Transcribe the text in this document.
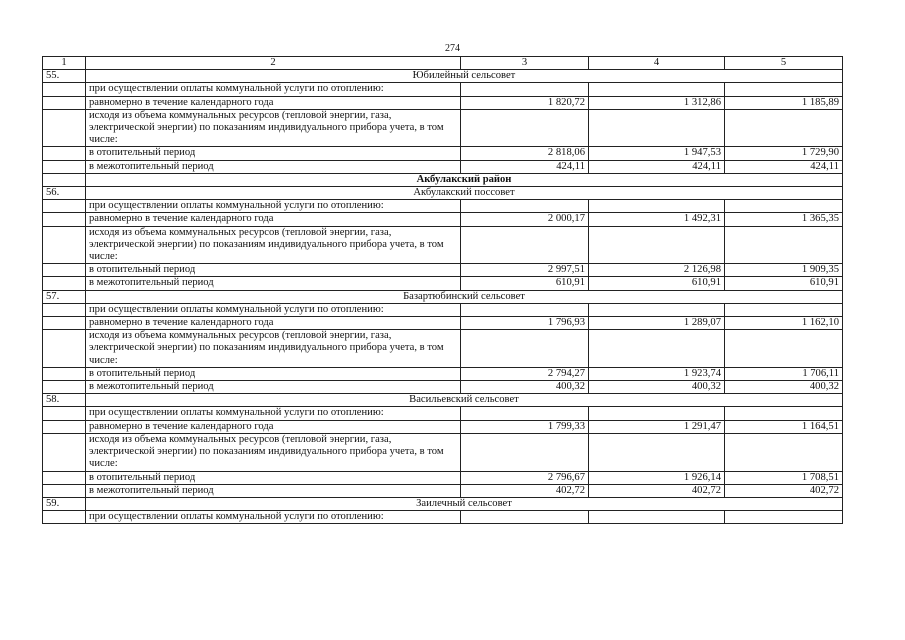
274
1	2	3	4	5
55.	Юбилейный сельсовет			
	при осуществлении оплаты коммунальной услуги по отоплению:			
	равномерно в течение календарного года	1 820,72	1 312,86	1 185,89
	исходя из объема коммунальных ресурсов (тепловой энергии, газа, электрической энергии) по показаниям индивидуального прибора учета, в том числе:			
	в отопительный период	2 818,06	1 947,53	1 729,90
	в межотопительный период	424,11	424,11	424,11
	Акбулакский район			
56.	Акбулакский поссовет			
	при осуществлении оплаты коммунальной услуги по отоплению:			
	равномерно в течение календарного года	2 000,17	1 492,31	1 365,35
	исходя из объема коммунальных ресурсов (тепловой энергии, газа, электрической энергии) по показаниям индивидуального прибора учета, в том числе:			
	в отопительный период	2 997,51	2 126,98	1 909,35
	в межотопительный период	610,91	610,91	610,91
57.	Базартюбинский сельсовет			
	при осуществлении оплаты коммунальной услуги по отоплению:			
	равномерно в течение календарного года	1 796,93	1 289,07	1 162,10
	исходя из объема коммунальных ресурсов (тепловой энергии, газа, электрической энергии) по показаниям индивидуального прибора учета, в том числе:			
	в отопительный период	2 794,27	1 923,74	1 706,11
	в межотопительный период	400,32	400,32	400,32
58.	Васильевский сельсовет			
	при осуществлении оплаты коммунальной услуги по отоплению:			
	равномерно в течение календарного года	1 799,33	1 291,47	1 164,51
	исходя из объема коммунальных ресурсов (тепловой энергии, газа, электрической энергии) по показаниям индивидуального прибора учета, в том числе:			
	в отопительный период	2 796,67	1 926,14	1 708,51
	в межотопительный период	402,72	402,72	402,72
59.	Заилечный сельсовет			
	при осуществлении оплаты коммунальной услуги по отоплению:			
